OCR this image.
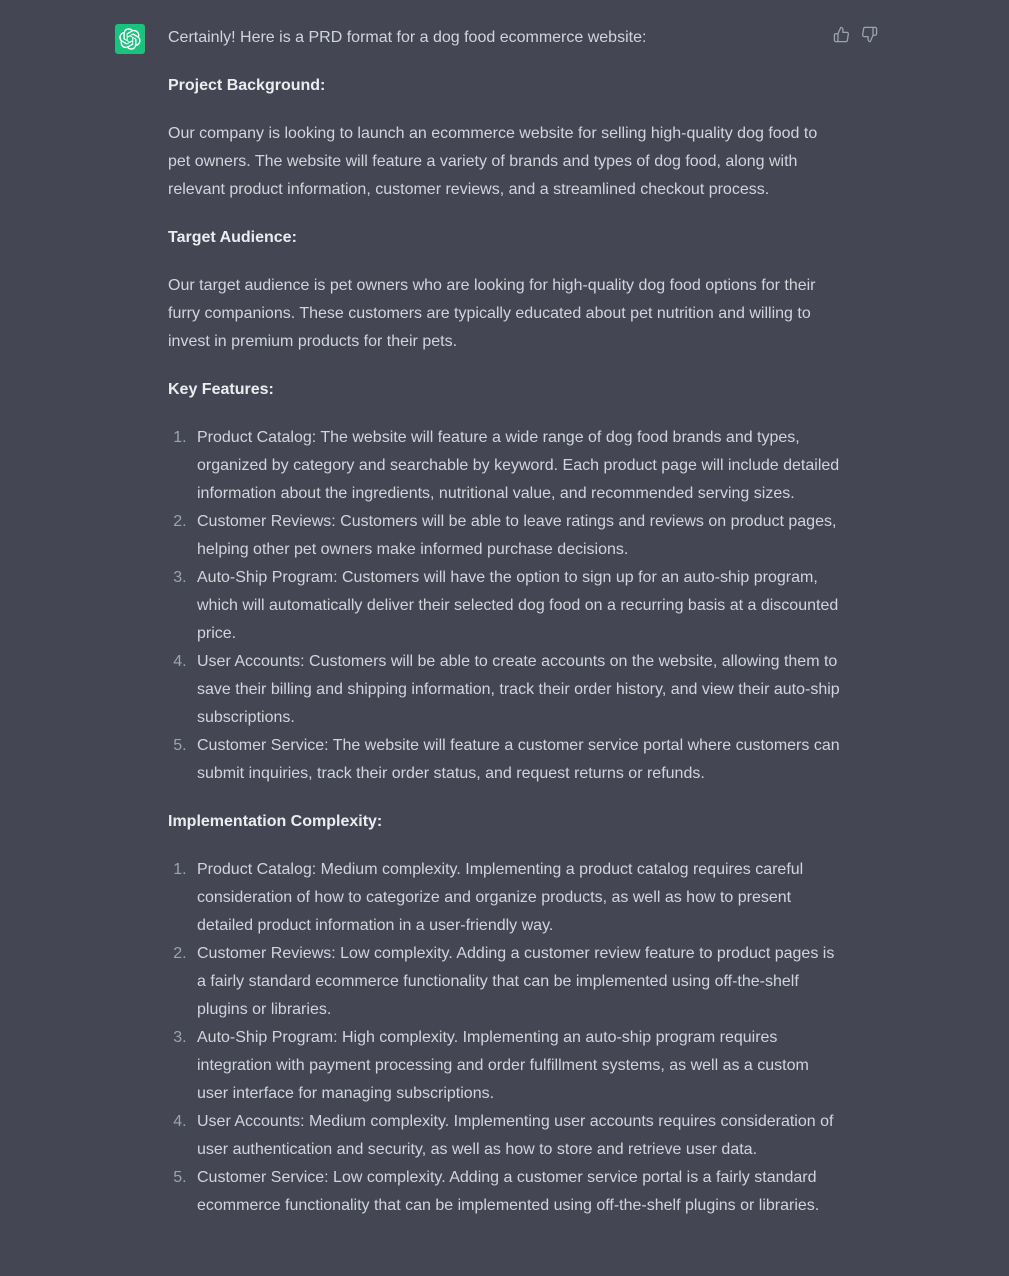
Certainly! Here is a PRD format for a dog food ecommerce website:

Project Background:

Our company is looking to launch an ecommerce website for selling high-quality dog food to pet owners. The website will feature a variety of brands and types of dog food, along with relevant product information, customer reviews, and a streamlined checkout process.

Target Audience:

Our target audience is pet owners who are looking for high-quality dog food options for their furry companions. These customers are typically educated about pet nutrition and willing to invest in premium products for their pets.

Key Features:
1. Product Catalog: The website will feature a wide range of dog food brands and types, organized by category and searchable by keyword. Each product page will include detailed information about the ingredients, nutritional value, and recommended serving sizes.
2. Customer Reviews: Customers will be able to leave ratings and reviews on product pages, helping other pet owners make informed purchase decisions.
3. Auto-Ship Program: Customers will have the option to sign up for an auto-ship program, which will automatically deliver their selected dog food on a recurring basis at a discounted price.
4. User Accounts: Customers will be able to create accounts on the website, allowing them to save their billing and shipping information, track their order history, and view their auto-ship subscriptions.
5. Customer Service: The website will feature a customer service portal where customers can submit inquiries, track their order status, and request returns or refunds.
Implementation Complexity:
1. Product Catalog: Medium complexity. Implementing a product catalog requires careful consideration of how to categorize and organize products, as well as how to present detailed product information in a user-friendly way.
2. Customer Reviews: Low complexity. Adding a customer review feature to product pages is a fairly standard ecommerce functionality that can be implemented using off-the-shelf plugins or libraries.
3. Auto-Ship Program: High complexity. Implementing an auto-ship program requires integration with payment processing and order fulfillment systems, as well as a custom user interface for managing subscriptions.
4. User Accounts: Medium complexity. Implementing user accounts requires consideration of user authentication and security, as well as how to store and retrieve user data.
5. Customer Service: Low complexity. Adding a customer service portal is a fairly standard ecommerce functionality that can be implemented using off-the-shelf plugins or libraries.
